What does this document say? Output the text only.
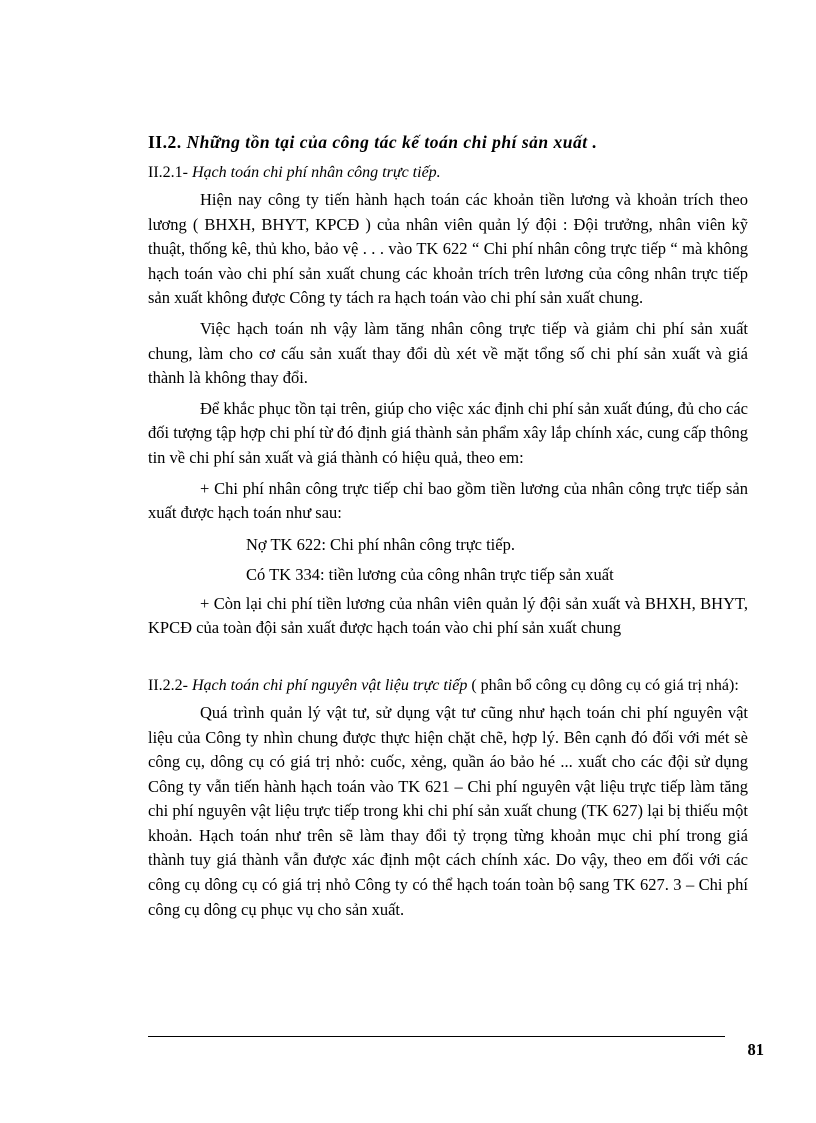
II.2. Những tồn tại của công tác kế toán chi phí sản xuất .
II.2.1- Hạch toán chi phí nhân công trực tiếp.

Hiện nay công ty tiến hành hạch toán các khoản tiền lương và khoản trích theo lương ( BHXH, BHYT, KPCĐ ) của nhân viên quản lý đội : Đội trưởng, nhân viên kỹ thuật, thống kê, thủ kho, bảo vệ . . . vào TK 622 “ Chi phí nhân công trực tiếp “ mà không hạch toán vào chi phí sản xuất chung các khoản trích trên lương của công nhân trực tiếp sản xuất không được Công ty tách ra hạch toán vào chi phí sản xuất chung.

Việc hạch toán nh vậy làm tăng nhân công trực tiếp và giảm chi phí sản xuất chung, làm cho cơ cấu sản xuất thay đổi dù xét về mặt tổng số chi phí sản xuất và giá thành là không thay đổi.

Để khắc phục tồn tại trên, giúp cho việc xác định chi phí sản xuất đúng, đủ cho các đối tượng tập hợp chi phí từ đó định giá thành sản phẩm xây lắp chính xác, cung cấp thông tin về chi phí sản xuất và giá thành có hiệu quả, theo em:

+ Chi phí nhân công trực tiếp chỉ bao gồm tiền lương của nhân công trực tiếp sản xuất được hạch toán như sau:

Nợ TK 622: Chi phí nhân công trực tiếp.
Có TK 334: tiền lương của công nhân trực tiếp sản xuất

+ Còn lại chi phí tiền lương của nhân viên quản lý đội sản xuất và BHXH, BHYT, KPCĐ của toàn đội sản xuất được hạch toán vào chi phí sản xuất chung

II.2.2- Hạch toán chi phí nguyên vật liệu trực tiếp ( phân bổ công cụ dông cụ có giá trị nhá):

Quá trình quản lý vật tư, sử dụng vật tư cũng như hạch toán chi phí nguyên vật liệu của Công ty nhìn chung được thực hiện chặt chẽ, hợp lý. Bên cạnh đó đối với mét sè công cụ, dông cụ có giá trị nhỏ: cuốc, xẻng, quần áo bảo hé ... xuất cho các đội sử dụng Công ty vẫn tiến hành hạch toán vào TK 621 – Chi phí nguyên vật liệu trực tiếp làm tăng chi phí nguyên vật liệu trực tiếp trong khi chi phí sản xuất chung (TK 627) lại bị thiếu một khoản. Hạch toán như trên sẽ làm thay đổi tỷ trọng từng khoản mục chi phí trong giá thành tuy giá thành vẫn được xác định một cách chính xác. Do vậy, theo em đối với các công cụ dông cụ có giá trị nhỏ Công ty có thể hạch toán toàn bộ sang TK 627. 3 – Chi phí công cụ dông cụ phục vụ cho sản xuất.

81
